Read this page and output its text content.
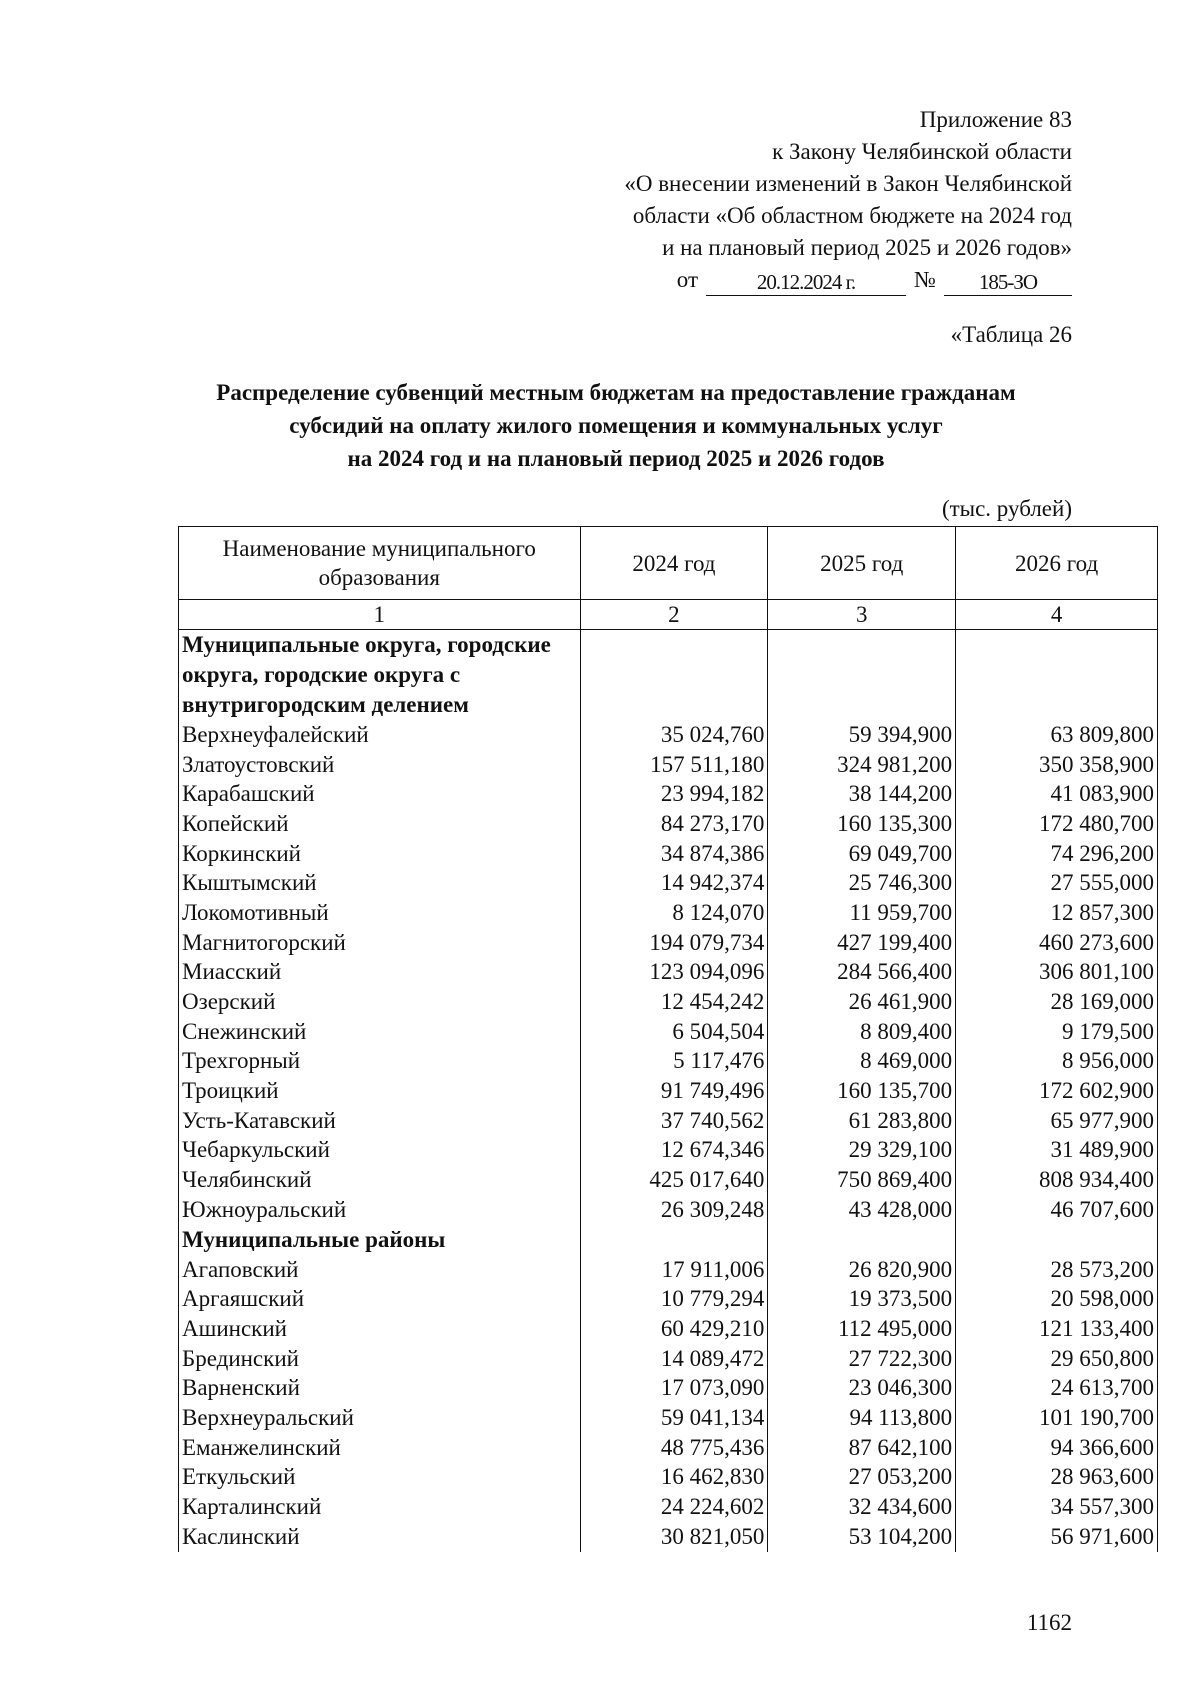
Приложение 83
к Закону Челябинской области
«О внесении изменений в Закон Челябинской
области «Об областном бюджете на 2024 год
и на плановый период 2025 и 2026 годов»
от	20.12.2024 г.	№	185-ЗО
«Таблица 26
Распределение субвенций местным бюджетам на предоставление гражданам
субсидий на оплату жилого помещения и коммунальных услуг
на 2024 год и на плановый период 2025 и 2026 годов
(тыс. рублей)
Наименование муниципального образования	2024 год	2025 год	2026 год
1	2	3	4
Муниципальные округа, городские округа, городские округа с внутригородским делением			
Верхнеуфалейский	35 024,760	59 394,900	63 809,800
Златоустовский	157 511,180	324 981,200	350 358,900
Карабашский	23 994,182	38 144,200	41 083,900
Копейский	84 273,170	160 135,300	172 480,700
Коркинский	34 874,386	69 049,700	74 296,200
Кыштымский	14 942,374	25 746,300	27 555,000
Локомотивный	8 124,070	11 959,700	12 857,300
Магнитогорский	194 079,734	427 199,400	460 273,600
Миасский	123 094,096	284 566,400	306 801,100
Озерский	12 454,242	26 461,900	28 169,000
Снежинский	6 504,504	8 809,400	9 179,500
Трехгорный	5 117,476	8 469,000	8 956,000
Троицкий	91 749,496	160 135,700	172 602,900
Усть-Катавский	37 740,562	61 283,800	65 977,900
Чебаркульский	12 674,346	29 329,100	31 489,900
Челябинский	425 017,640	750 869,400	808 934,400
Южноуральский	26 309,248	43 428,000	46 707,600
Муниципальные районы			
Агаповский	17 911,006	26 820,900	28 573,200
Аргаяшский	10 779,294	19 373,500	20 598,000
Ашинский	60 429,210	112 495,000	121 133,400
Брединский	14 089,472	27 722,300	29 650,800
Варненский	17 073,090	23 046,300	24 613,700
Верхнеуральский	59 041,134	94 113,800	101 190,700
Еманжелинский	48 775,436	87 642,100	94 366,600
Еткульский	16 462,830	27 053,200	28 963,600
Карталинский	24 224,602	32 434,600	34 557,300
Каслинский	30 821,050	53 104,200	56 971,600
1162
